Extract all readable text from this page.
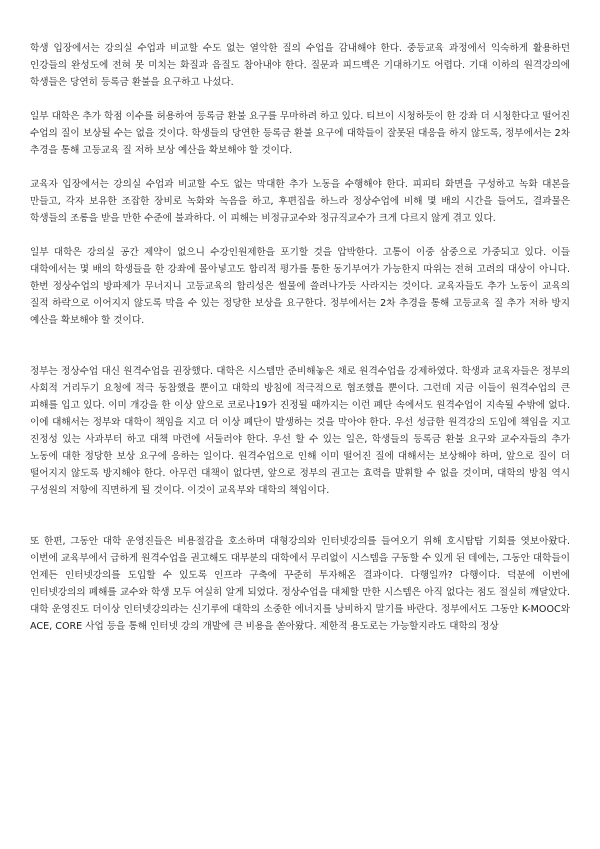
학생 입장에서는 강의실 수업과 비교할 수도 없는 열악한 질의 수업을 감내해야 한다. 중등교육 과정에서 익숙하게 활용하던 인강들의 완성도에 전혀 못 미치는 화질과 음질도 참아내야 한다. 질문과 피드백은 기대하기도 어렵다. 기대 이하의 원격강의에 학생들은 당연히 등록금 환불을 요구하고 나섰다.

일부 대학은 추가 학점 이수를 허용하여 등록금 환불 요구를 무마하려 하고 있다. 티브이 시청하듯이 한 강좌 더 시청한다고 떨어진 수업의 질이 보상될 수는 없을 것이다. 학생들의 당연한 등록금 환불 요구에 대학들이 잘못된 대응을 하지 않도록, 정부에서는 2차 추경을 통해 고등교육 질 저하 보상 예산을 확보해야 할 것이다.

교육자 입장에서는 강의실 수업과 비교할 수도 없는 막대한 추가 노동을 수행해야 한다. 피피티 화면을 구성하고 녹화 대본을 만들고, 각자 보유한 조잡한 장비로 녹화와 녹음을 하고, 후편집을 하느라 정상수업에 비해 몇 배의 시간을 들여도, 결과물은 학생들의 조롱을 받을 만한 수준에 불과하다. 이 피해는 비정규교수와 정규직교수가 크게 다르지 않게 겪고 있다.

일부 대학은 강의실 공간 제약이 없으니 수강인원제한을 포기할 것을 압박한다. 고통이 이중 삼중으로 가중되고 있다. 이들 대학에서는 몇 배의 학생들을 한 강좌에 몰아넣고도 합리적 평가를 통한 동기부여가 가능한지 따위는 전혀 고려의 대상이 아니다. 한번 정상수업의 방파제가 무너지니 고등교육의 합리성은 썰물에 쓸려나가듯 사라지는 것이다. 교육자들도 추가 노동이 교육의 질적 하락으로 이어지지 않도록 막을 수 있는 정당한 보상을 요구한다. 정부에서는 2차 추경을 통해 고등교육 질 추가 저하 방지 예산을 확보해야 할 것이다.

정부는 정상수업 대신 원격수업을 권장했다. 대학은 시스템만 준비해놓은 채로 원격수업을 강제하였다. 학생과 교육자들은 정부의 사회적 거리두기 요청에 적극 동참했을 뿐이고 대학의 방침에 적극적으로 협조했을 뿐이다. 그런데 지금 이들이 원격수업의 큰 피해를 입고 있다. 이미 개강을 한 이상 앞으로 코로나19가 진정될 때까지는 이런 폐단 속에서도 원격수업이 지속될 수밖에 없다. 이에 대해서는 정부와 대학이 책임을 지고 더 이상 폐단이 발생하는 것을 막아야 한다. 우선 성급한 원격강의 도입에 책임을 지고 진정성 있는 사과부터 하고 대책 마련에 서둘러야 한다. 우선 할 수 있는 일은, 학생들의 등록금 환불 요구와 교수자들의 추가 노동에 대한 정당한 보상 요구에 응하는 일이다. 원격수업으로 인해 이미 떨어진 질에 대해서는 보상해야 하며, 앞으로 질이 더 떨어지지 않도록 방지해야 한다. 아무런 대책이 없다면, 앞으로 정부의 권고는 효력을 발휘할 수 없을 것이며, 대학의 방침 역시 구성원의 저항에 직면하게 될 것이다. 이것이 교육부와 대학의 책임이다.

또 한편, 그동안 대학 운영진들은 비용절감을 호소하며 대형강의와 인터넷강의를 들여오기 위해 호시탐탐 기회를 엿보아왔다. 이번에 교육부에서 급하게 원격수업을 권고해도 대부분의 대학에서 무리없이 시스템을 구동할 수 있게 된 데에는, 그동안 대학들이 언제든 인터넷강의를 도입할 수 있도록 인프라 구축에 꾸준히 투자해온 결과이다. 다행일까? 다행이다. 덕분에 이번에 인터넷강의의 폐해를 교수와 학생 모두 여실히 알게 되었다. 정상수업을 대체할 만한 시스템은 아직 없다는 점도 절실히 깨달았다. 대학 운영진도 더이상 인터넷강의라는 신기루에 대학의 소중한 에너지를 낭비하지 말기를 바란다. 정부에서도 그동안 K-MOOC와 ACE, CORE 사업 등을 통해 인터넷 강의 개발에 큰 비용을 쏟아왔다. 제한적 용도로는 가능할지라도 대학의 정상
